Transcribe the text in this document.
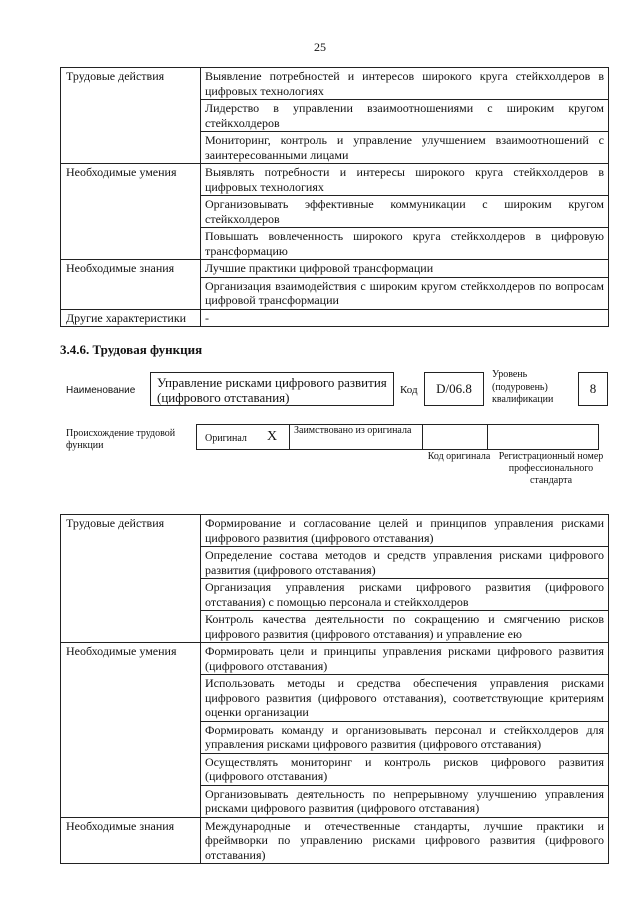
25
Трудовые действия	Выявление потребностей и интересов широкого круга стейкхолдеров в цифровых технологиях
	Лидерство в управлении взаимоотношениями с широким кругом стейкхолдеров
	Мониторинг, контроль и управление улучшением взаимоотношений с заинтересованными лицами
Необходимые умения	Выявлять потребности и интересы широкого круга стейкхолдеров в цифровых технологиях
	Организовывать эффективные коммуникации с широким кругом стейкхолдеров
	Повышать вовлеченность широкого круга стейкхолдеров в цифровую трансформацию
Необходимые знания	Лучшие практики цифровой трансформации
	Организация взаимодействия с широким кругом стейкхолдеров по вопросам цифровой трансформации
Другие характеристики	-
3.4.6. Трудовая функция
Наименование
Управление рисками цифрового развития (цифрового отставания)	Код	D/06.8
Уровень (подуровень) квалификации
8
Происхождение трудовой функции
Оригинал X Заимствовано из оригинала
Код оригинала Регистрационный номер профессионального стандарта
Трудовые действия	Формирование и согласование целей и принципов управления рисками цифрового развития (цифрового отставания)
	Определение состава методов и средств управления рисками цифрового развития (цифрового отставания)
	Организация управления рисками цифрового развития (цифрового отставания) с помощью персонала и стейкхолдеров
	Контроль качества деятельности по сокращению и смягчению рисков цифрового развития (цифрового отставания) и управление ею
Необходимые умения	Формировать цели и принципы управления рисками цифрового развития (цифрового отставания)
	Использовать методы и средства обеспечения управления рисками цифрового развития (цифрового отставания), соответствующие критериям оценки организации
	Формировать команду и организовывать персонал и стейкхолдеров для управления рисками цифрового развития (цифрового отставания)
	Осуществлять мониторинг и контроль рисков цифрового развития (цифрового отставания)
	Организовывать деятельность по непрерывному улучшению управления рисками цифрового развития (цифрового отставания)
Необходимые знания	Международные и отечественные стандарты, лучшие практики и фреймворки по управлению рисками цифрового развития (цифрового отставания)
